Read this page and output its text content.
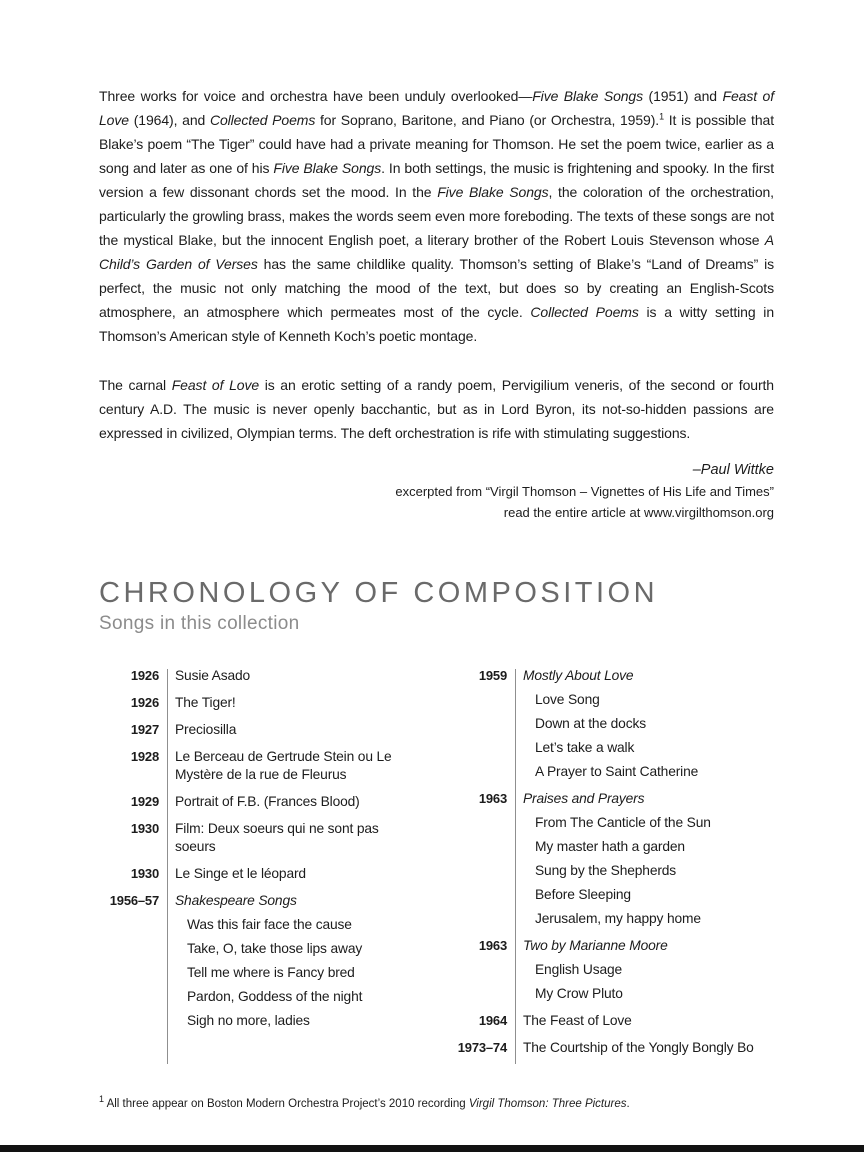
Three works for voice and orchestra have been unduly overlooked—Five Blake Songs (1951) and Feast of Love (1964), and Collected Poems for Soprano, Baritone, and Piano (or Orchestra, 1959).$^1$ It is possible that Blake’s poem “The Tiger” could have had a private meaning for Thomson. He set the poem twice, earlier as a song and later as one of his Five Blake Songs. In both settings, the music is frightening and spooky. In the first version a few dissonant chords set the mood. In the Five Blake Songs, the coloration of the orchestration, particularly the growling brass, makes the words seem even more foreboding. The texts of these songs are not the mystical Blake, but the innocent English poet, a literary brother of the Robert Louis Stevenson whose A Child’s Garden of Verses has the same childlike quality. Thomson’s setting of Blake’s “Land of Dreams” is perfect, the music not only matching the mood of the text, but does so by creating an English-Scots atmosphere, an atmosphere which permeates most of the cycle. Collected Poems is a witty setting in Thomson’s American style of Kenneth Koch’s poetic montage.

The carnal Feast of Love is an erotic setting of a randy poem, Pervigilium veneris, of the second or fourth century A.D. The music is never openly bacchantic, but as in Lord Byron, its not-so-hidden passions are expressed in civilized, Olympian terms. The deft orchestration is rife with stimulating suggestions.

–Paul Wittke
excerpted from “Virgil Thomson – Vignettes of His Life and Times”
read the entire article at www.virgilthomson.org
CHRONOLOGY OF COMPOSITION
Songs in this collection
1926 Susie Asado
1926 The Tiger!
1927 Preciosilla
1928 Le Berceau de Gertrude Stein ou Le Mystère de la rue de Fleurus
1929 Portrait of F.B. (Frances Blood)
1930 Film: Deux soeurs qui ne sont pas soeurs
1930 Le Singe et le léopard
1956–57 Shakespeare Songs
Was this fair face the cause
Take, O, take those lips away
Tell me where is Fancy bred
Pardon, Goddess of the night
Sigh no more, ladies
1959 Mostly About Love
Love Song
Down at the docks
Let’s take a walk
A Prayer to Saint Catherine
1963 Praises and Prayers
From The Canticle of the Sun
My master hath a garden
Sung by the Shepherds
Before Sleeping
Jerusalem, my happy home
1963 Two by Marianne Moore
English Usage
My Crow Pluto
1964 The Feast of Love
1973–74 The Courtship of the Yongly Bongly Bo
$^1$ All three appear on Boston Modern Orchestra Project’s 2010 recording Virgil Thomson: Three Pictures.
